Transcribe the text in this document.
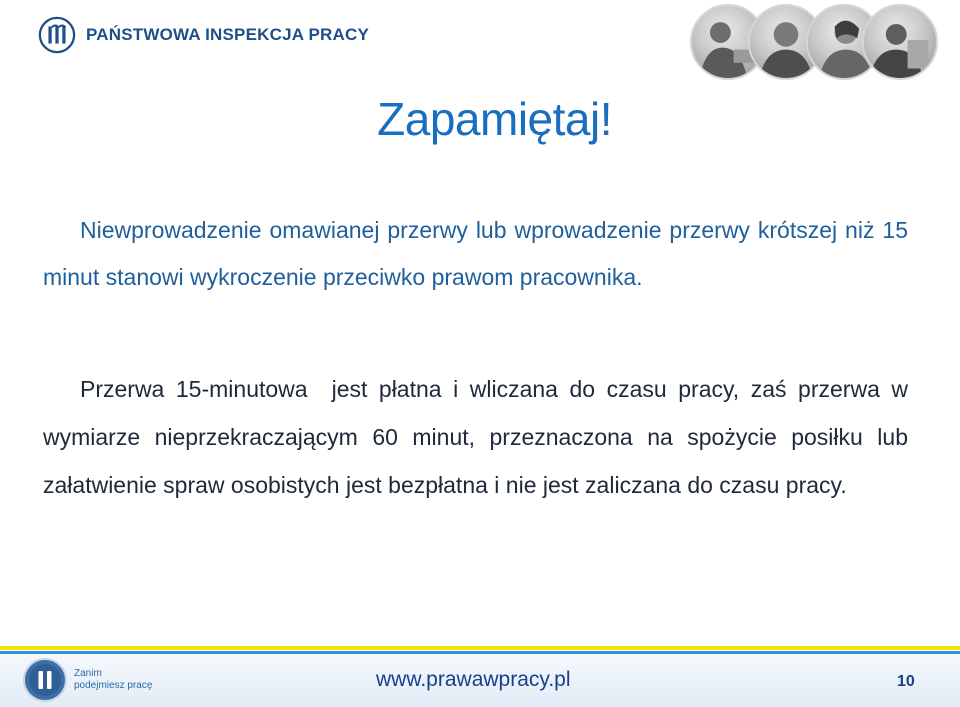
PAŃSTWOWA INSPEKCJA PRACY
Zapamiętaj!

Niewprowadzenie omawianej przerwy lub wprowadzenie przerwy krótszej niż 15 minut stanowi wykroczenie przeciwko prawom pracownika.

Przerwa 15-minutowa jest płatna i wliczana do czasu pracy, zaś przerwa w wymiarze nieprzekraczającym 60 minut, przeznaczona na spożycie posiłku lub załatwienie spraw osobistych jest bezpłatna i nie jest zaliczana do czasu pracy.

Zanim
podejmiesz pracę	www.prawawpracy.pl	10
